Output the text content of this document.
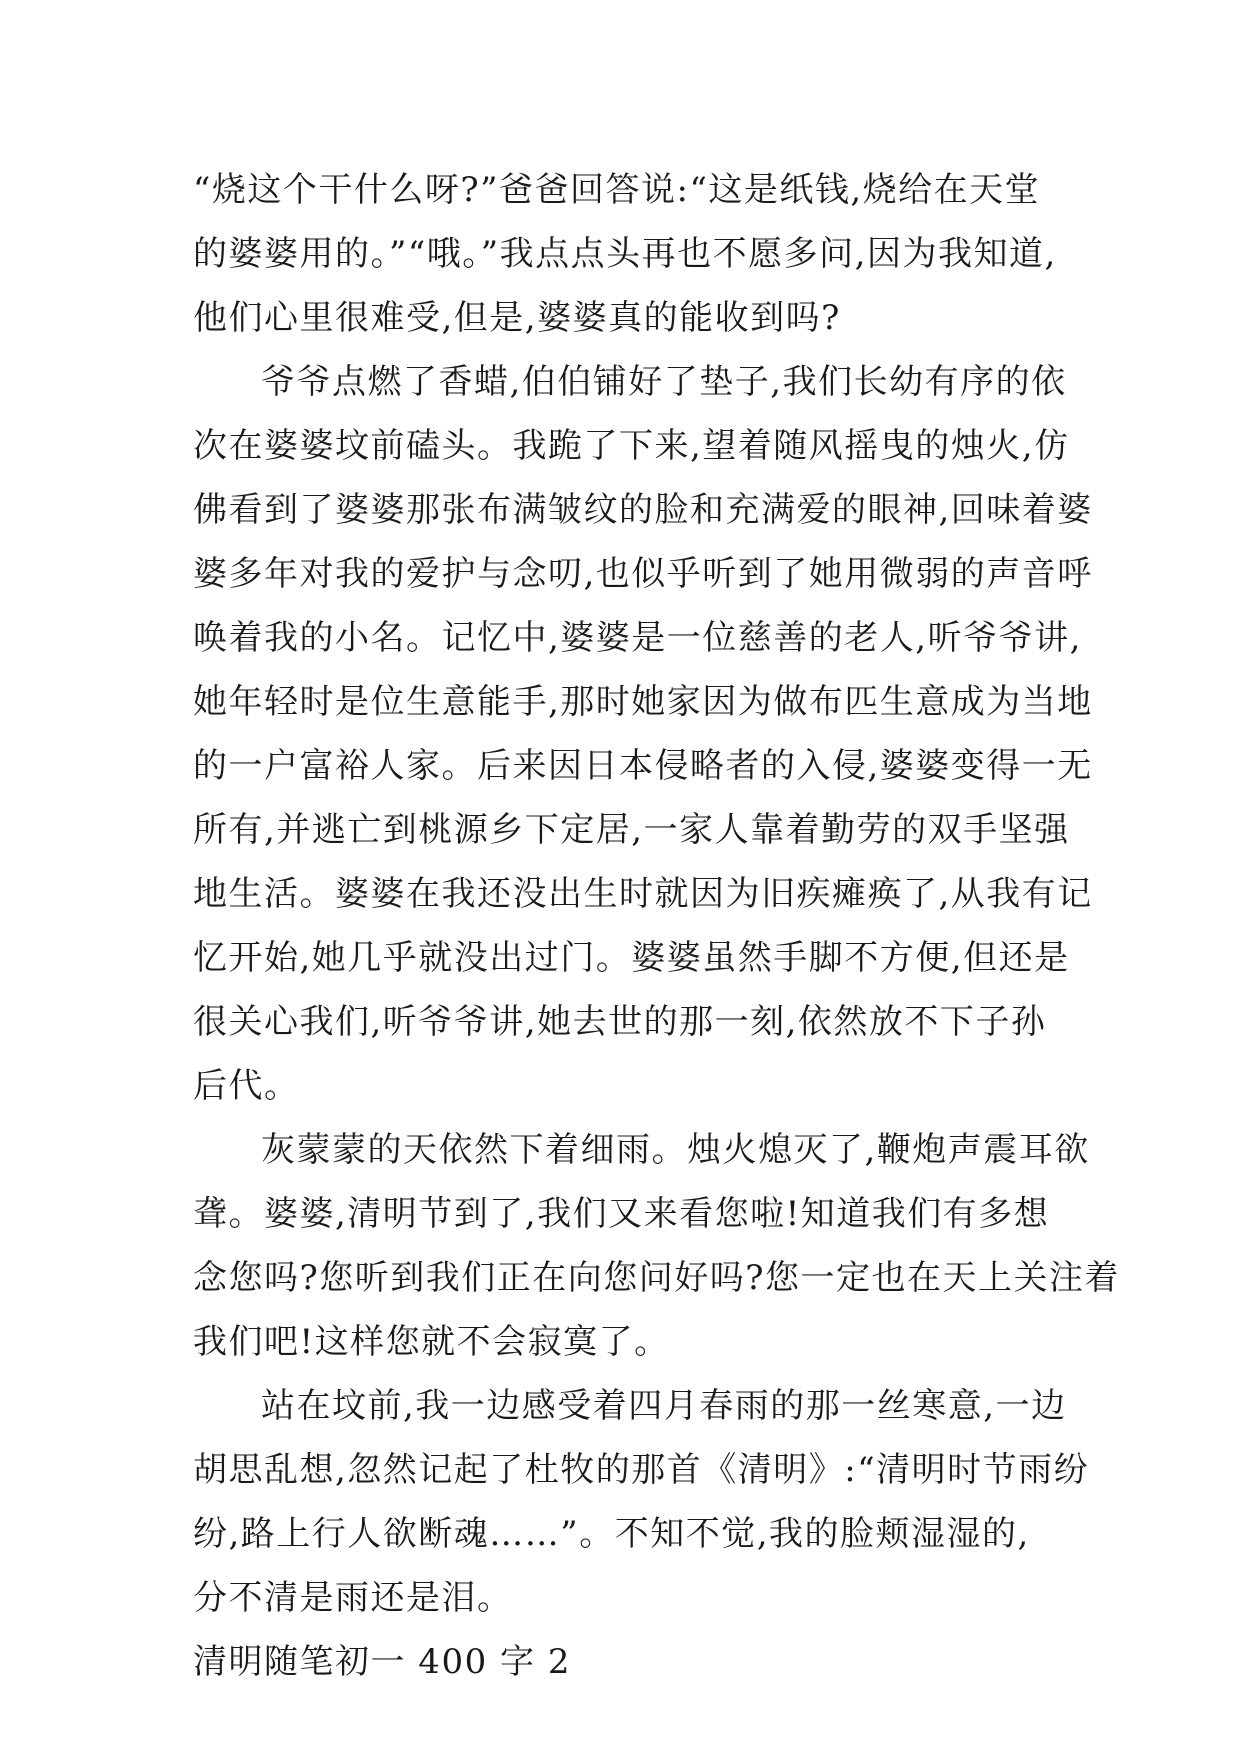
“烧这个干什么呀?”爸爸回答说:“这是纸钱,烧给在天堂
的婆婆用的。”“哦。”我点点头再也不愿多问,因为我知道,
他们心里很难受,但是,婆婆真的能收到吗?
爷爷点燃了香蜡,伯伯铺好了垫子,我们长幼有序的依
次在婆婆坟前磕头。我跪了下来,望着随风摇曳的烛火,仿
佛看到了婆婆那张布满皱纹的脸和充满爱的眼神,回味着婆
婆多年对我的爱护与念叨,也似乎听到了她用微弱的声音呼
唤着我的小名。记忆中,婆婆是一位慈善的老人,听爷爷讲,
她年轻时是位生意能手,那时她家因为做布匹生意成为当地
的一户富裕人家。后来因日本侵略者的入侵,婆婆变得一无
所有,并逃亡到桃源乡下定居,一家人靠着勤劳的双手坚强
地生活。婆婆在我还没出生时就因为旧疾瘫痪了,从我有记
忆开始,她几乎就没出过门。婆婆虽然手脚不方便,但还是
很关心我们,听爷爷讲,她去世的那一刻,依然放不下子孙
后代。
灰蒙蒙的天依然下着细雨。烛火熄灭了,鞭炮声震耳欲
聋。婆婆,清明节到了,我们又来看您啦!知道我们有多想
念您吗?您听到我们正在向您问好吗?您一定也在天上关注着
我们吧!这样您就不会寂寞了。
站在坟前,我一边感受着四月春雨的那一丝寒意,一边
胡思乱想,忽然记起了杜牧的那首《清明》:“清明时节雨纷
纷,路上行人欲断魂……”。不知不觉,我的脸颊湿湿的,
分不清是雨还是泪。
清明随笔初一 400 字 2
